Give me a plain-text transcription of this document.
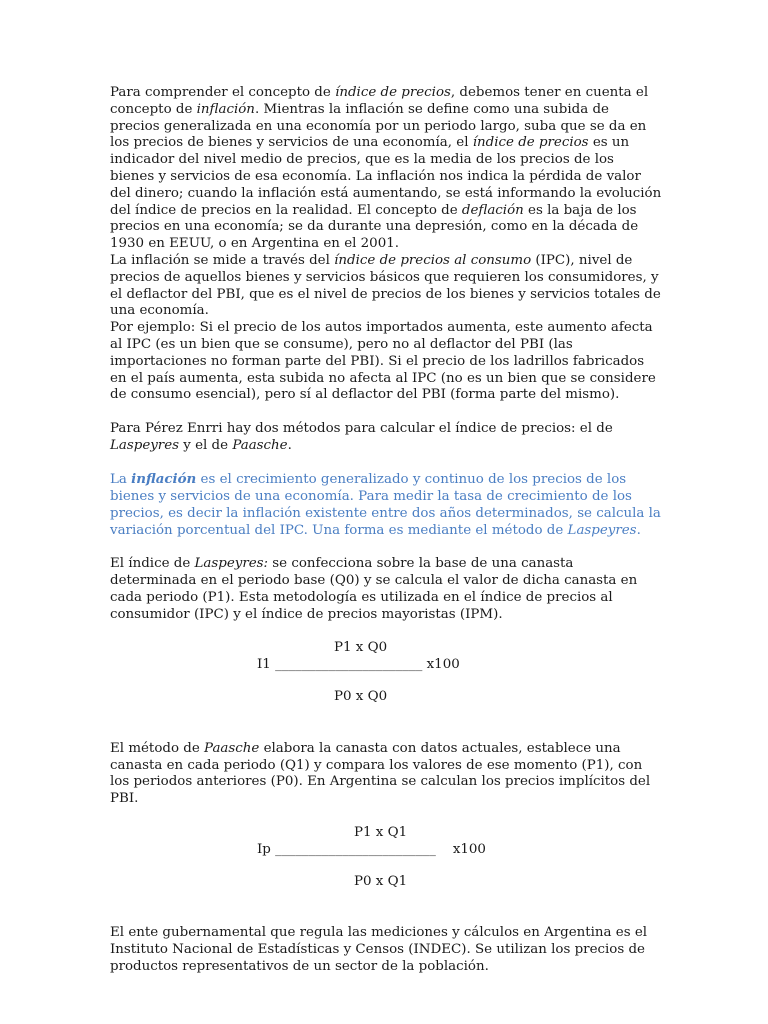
Para comprender el concepto de índice de precios, debemos tener en cuenta el concepto de inflación. Mientras la inflación se define como una subida de precios generalizada en una economía por un periodo largo, suba que se da en los precios de bienes y servicios de una economía, el índice de precios es un indicador del nivel medio de precios, que es la media de los precios de los bienes y servicios de esa economía. La inflación nos indica la pérdida de valor del dinero; cuando la inflación está aumentando, se está informando la evolución del índice de precios en la realidad. El concepto de deflación es la baja de los precios en una economía; se da durante una depresión, como en la década de 1930 en EEUU, o en Argentina en el 2001.

La inflación se mide a través del índice de precios al consumo (IPC), nivel de precios de aquellos bienes y servicios básicos que requieren los consumidores, y el deflactor del PBI, que es el nivel de precios de los bienes y servicios totales de una economía.

Por ejemplo: Si el precio de los autos importados aumenta, este aumento afecta al IPC (es un bien que se consume), pero no al deflactor del PBI (las importaciones no forman parte del PBI). Si el precio de los ladrillos fabricados en el país aumenta, esta subida no afecta al IPC (no es un bien que se considere de consumo esencial), pero sí al deflactor del PBI (forma parte del mismo).

Para Pérez Enrri hay dos métodos para calcular el índice de precios: el de Laspeyres y el de Paasche.

La inflación es el crecimiento generalizado y continuo de los precios de los bienes y servicios de una economía. Para medir la tasa de crecimiento de los precios, es decir la inflación existente entre dos años determinados, se calcula la variación porcentual del IPC. Una forma es mediante el método de Laspeyres.

El índice de Laspeyres: se confecciona sobre la base de una canasta determinada en el periodo base (Q0) y se calcula el valor de dicha canasta en cada periodo (P1). Esta metodología es utilizada en el índice de precios al consumidor (IPC) y el índice de precios mayoristas (IPM).

P1 x Q0
I1 ______________________ x100
P0 x Q0

El método de Paasche elabora la canasta con datos actuales, establece una canasta en cada periodo (Q1) y compara los valores de ese momento (P1), con los periodos anteriores (P0). En Argentina se calculan los precios implícitos del PBI.

P1 x Q1
Ip ________________________    x100
P0 x Q1

El ente gubernamental que regula las mediciones y cálculos en Argentina es el Instituto Nacional de Estadísticas y Censos (INDEC). Se utilizan los precios de productos representativos de un sector de la población.
